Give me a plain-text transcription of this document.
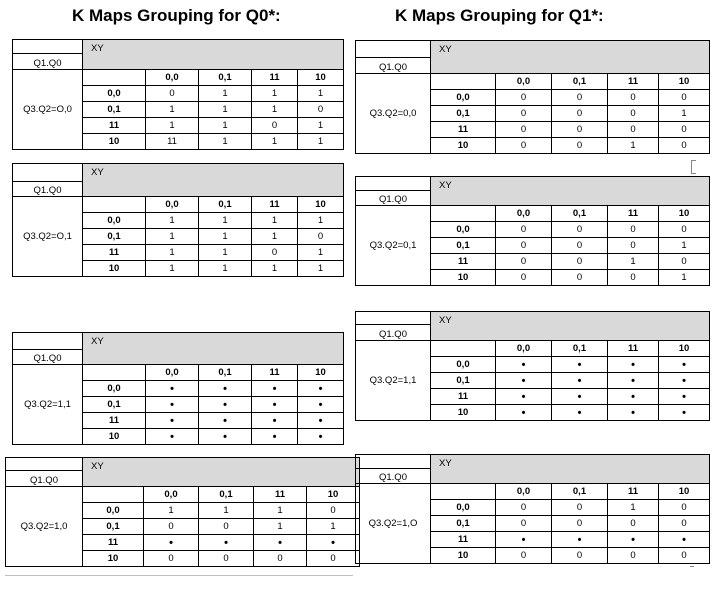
K Maps Grouping for Q0*:	K Maps Grouping for Q1*:
	XY				
Q1.Q0					
Q3.Q2=O,0		0,0	0,1	11	10
	0,0	0	1	1	1
	0,1	1	1	1	0
	11	1	1	0	1
	10	11	1	1	1
	XY				
Q1.Q0					
Q3.Q2=O,1		0,0	0,1	11	10
	0,0	1	1	1	1
	0,1	1	1	1	0
	11	1	1	0	1
	10	1	1	1	1
	XY				
Q1.Q0					
Q3.Q2=1,1		0,0	0,1	11	10
	0,0	•	•	•	•
	0,1	•	•	•	•
	11	•	•	•	•
	10	•	•	•	•
	XY				
Q1.Q0					
Q3.Q2=1,0		0,0	0,1	11	10
	0,0	1	1	1	0
	0,1	0	0	1	1
	11	•	•	•	•
	10	0	0	0	0
	XY				
Q1.Q0					
Q3.Q2=0,0		0,0	0,1	11	10
	0,0	0	0	0	0
	0,1	0	0	0	1
	11	0	0	0	0
	10	0	0	1	0
	XY				
Q1.Q0					
Q3.Q2=0,1		0,0	0,1	11	10
	0,0	0	0	0	0
	0,1	0	0	0	1
	11	0	0	1	0
	10	0	0	0	1
	XY				
Q1.Q0					
Q3.Q2=1,1		0,0	0,1	11	10
	0,0	•	•	•	•
	0,1	•	•	•	•
	11	•	•	•	•
	10	•	•	•	•
	XY				
Q1.Q0					
Q3.Q2=1,O		0,0	0,1	11	10
	0,0	0	0	1	0
	0,1	0	0	0	0
	11	•	•	•	•
	10	0	0	0	0
